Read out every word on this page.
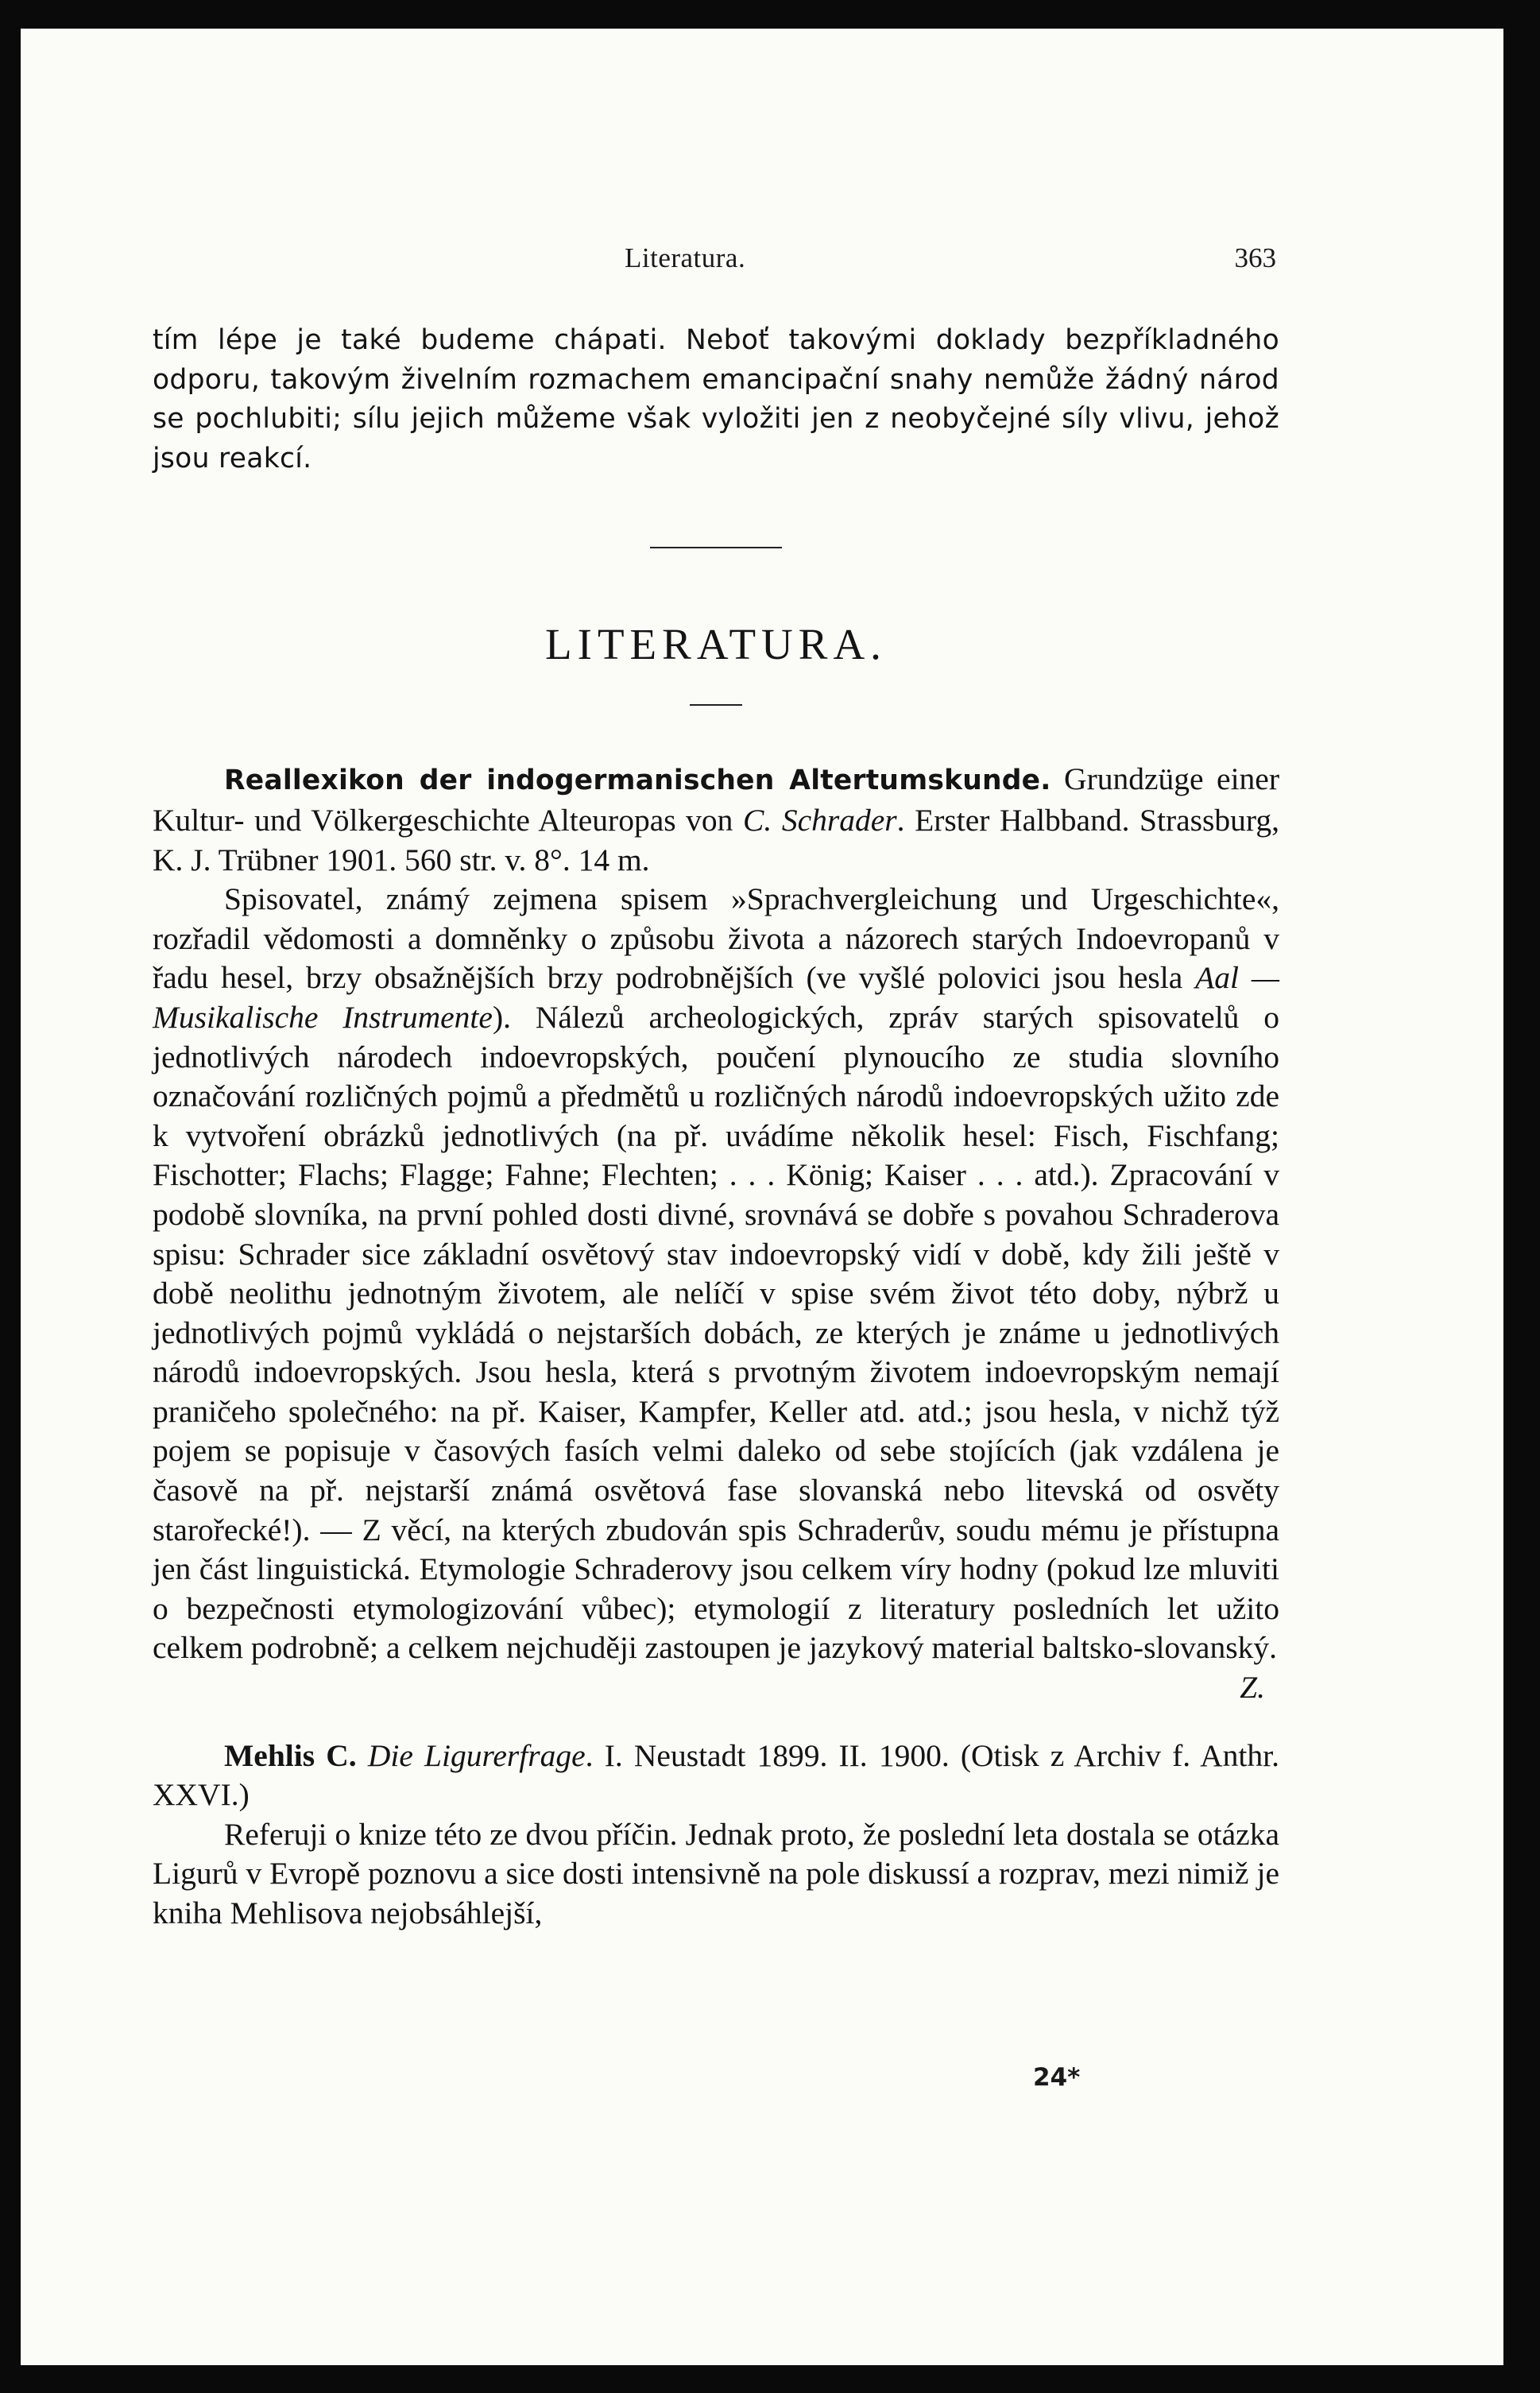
Literatura.	363

tím lépe je také budeme chápati. Neboť takovými doklady bezpříkladného odporu, takovým živelním rozmachem emancipační snahy nemůže žádný národ se pochlubiti; sílu jejich můžeme však vyložiti jen z neobyčejné síly vlivu, jehož jsou reakcí.

LITERATURA.

Reallexikon der indogermanischen Altertumskunde. Grundzüge einer Kultur- und Völkergeschichte Alteuropas von C. Schrader. Erster Halbband. Strassburg, K. J. Trübner 1901. 560 str. v. 8°. 14 m.

Spisovatel, známý zejmena spisem »Sprachvergleichung und Urgeschichte«, rozřadil vědomosti a domněnky o způsobu života a názorech starých Indoevropanů v řadu hesel, brzy obsažnějších brzy podrobnějších (ve vyšlé polovici jsou hesla Aal — Musikalische Instrumente). Nálezů archeologických, zpráv starých spisovatelů o jednotlivých národech indoevropských, poučení plynoucího ze studia slovního označování rozličných pojmů a předmětů u rozličných národů indoevropských užito zde k vytvoření obrázků jednotlivých (na př. uvádíme několik hesel: Fisch, Fischfang; Fischotter; Flachs; Flagge; Fahne; Flechten; . . . König; Kaiser . . . atd.). Zpracování v podobě slovníka, na první pohled dosti divné, srovnává se dobře s povahou Schraderova spisu: Schrader sice základní osvětový stav indoevropský vidí v době, kdy žili ještě v době neolithu jednotným životem, ale nelíčí v spise svém život této doby, nýbrž u jednotlivých pojmů vykládá o nejstarších dobách, ze kterých je známe u jednotlivých národů indoevropských. Jsou hesla, která s prvotným životem indoevropským nemají praničeho společného: na př. Kaiser, Kampfer, Keller atd. atd.; jsou hesla, v nichž týž pojem se popisuje v časových fasích velmi daleko od sebe stojících (jak vzdálena je časově na př. nejstarší známá osvětová fase slovanská nebo litevská od osvěty starořecké!). — Z věcí, na kterých zbudován spis Schraderův, soudu mému je přístupna jen část linguistická. Etymologie Schraderovy jsou celkem víry hodny (pokud lze mluviti o bezpečnosti etymologizování vůbec); etymologií z literatury posledních let užito celkem podrobně; a celkem nejchuději zastoupen je jazykový material baltsko-slovanský.

Z.

Mehlis C. Die Ligurerfrage. I. Neustadt 1899. II. 1900. (Otisk z Archiv f. Anthr. XXVI.)

Referuji o knize této ze dvou příčin. Jednak proto, že poslední leta dostala se otázka Ligurů v Evropě poznovu a sice dosti intensivně na pole diskussí a rozprav, mezi nimiž je kniha Mehlisova nejobsáhlejší,

24*
